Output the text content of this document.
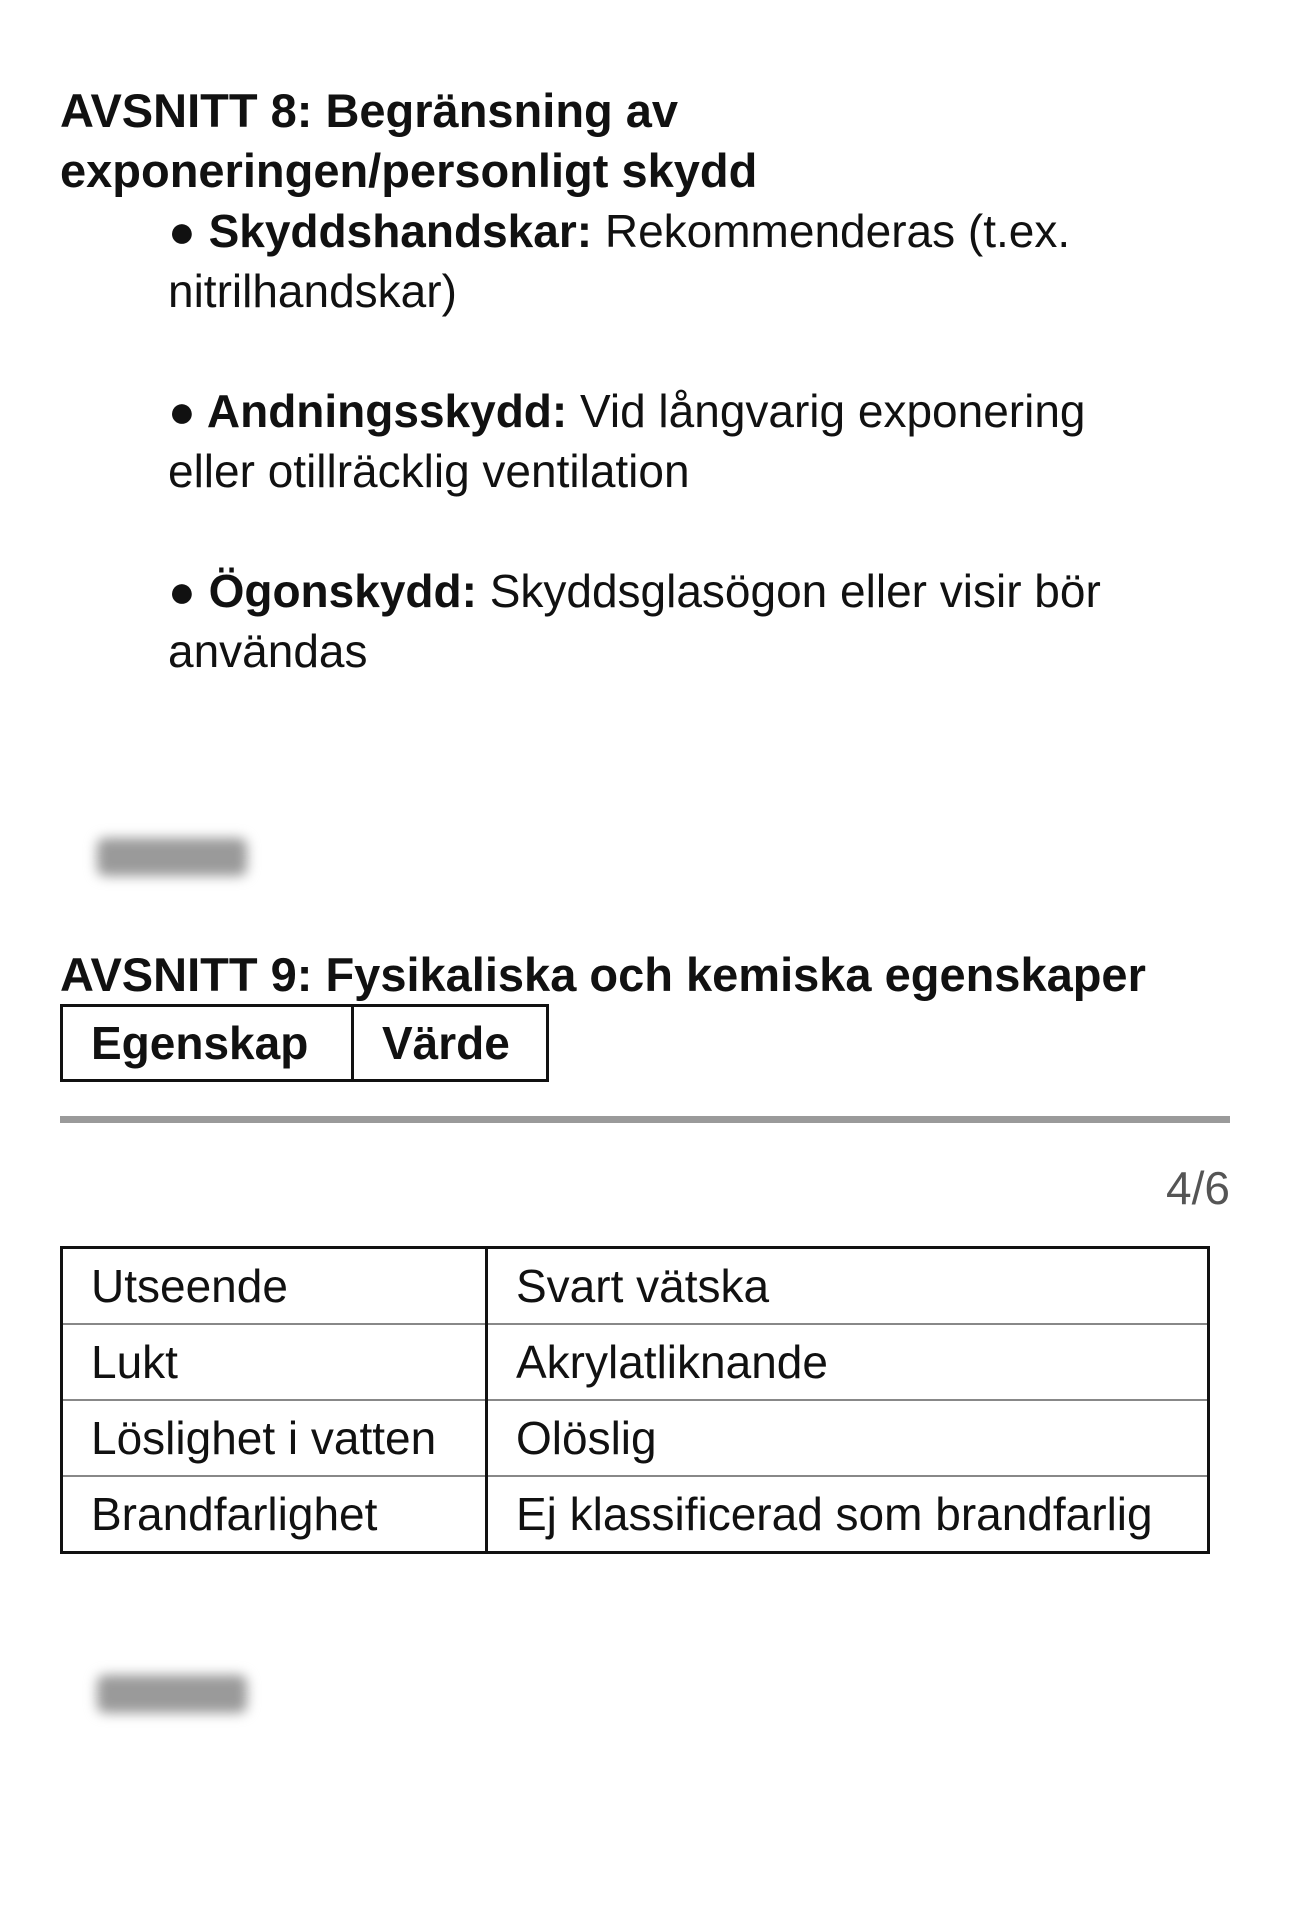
AVSNITT 8: Begränsning av exponeringen/personligt skydd

● Skyddshandskar: Rekommenderas (t.ex. nitrilhandskar)

● Andningsskydd: Vid långvarig exponering eller otillräcklig ventilation

● Ögonskydd: Skyddsglasögon eller visir bör användas

AVSNITT 9: Fysikaliska och kemiska egenskaper
Egenskap	Värde
4/6
Utseende	Svart vätska
Lukt	Akrylatliknande
Löslighet i vatten	Olöslig
Brandfarlighet	Ej klassificerad som brandfarlig
